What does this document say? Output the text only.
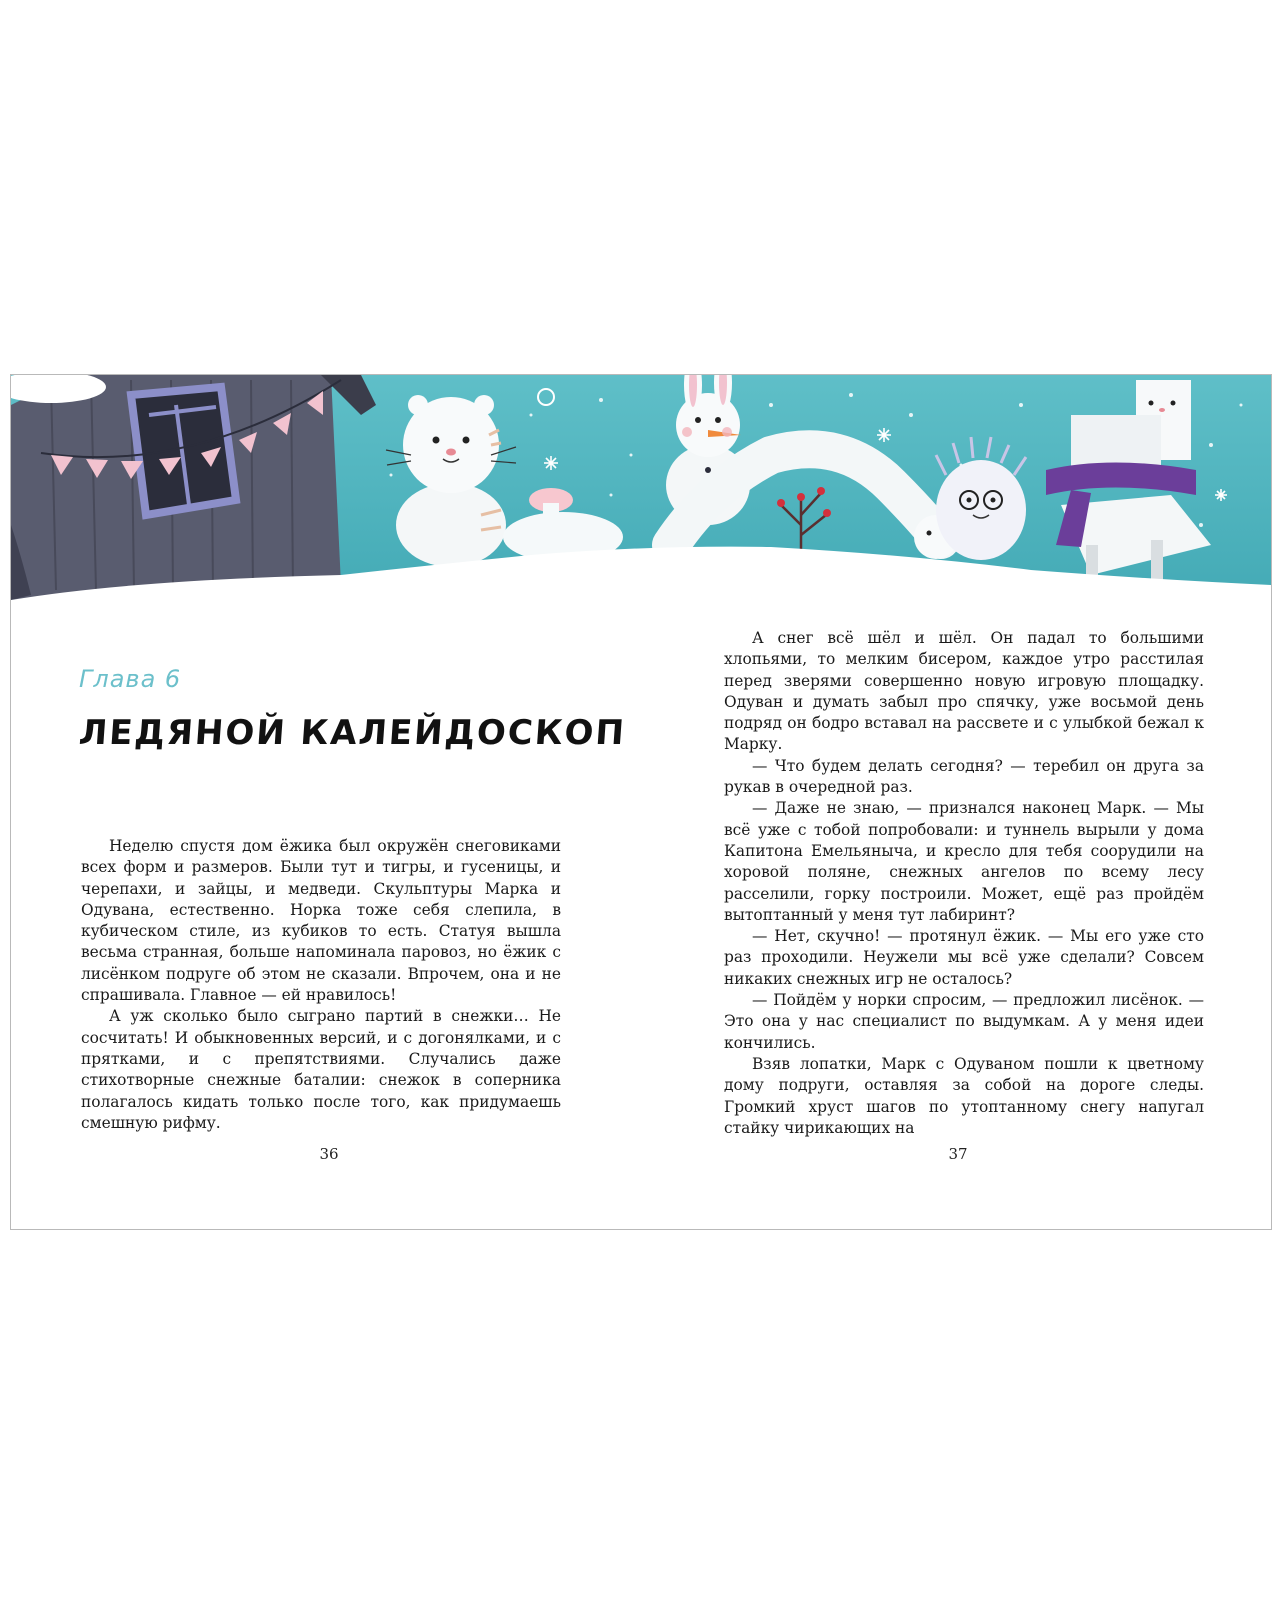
Глава 6
ЛЕДЯНОЙ КАЛЕЙДОСКОП

Неделю спустя дом ёжика был окружён снеговиками всех форм и размеров. Были тут и тигры, и гусеницы, и черепахи, и зайцы, и медведи. Скульптуры Марка и Одувана, естественно. Норка тоже себя слепила, в кубическом стиле, из кубиков то есть. Статуя вышла весьма странная, больше напоминала паровоз, но ёжик с лисёнком подруге об этом не сказали. Впрочем, она и не спрашивала. Главное — ей нравилось!

А уж сколько было сыграно партий в снежки… Не сосчитать! И обыкновенных версий, и с догонялками, и с прятками, и с препятствиями. Случались даже стихотворные снежные баталии: снежок в соперника полагалось кидать только после того, как придумаешь смешную рифму.

А снег всё шёл и шёл. Он падал то большими хлопьями, то мелким бисером, каждое утро расстилая перед зверями совершенно новую игровую площадку. Одуван и думать забыл про спячку, уже восьмой день подряд он бодро вставал на рассвете и с улыбкой бежал к Марку.

— Что будем делать сегодня? — теребил он друга за рукав в очередной раз.

— Даже не знаю, — признался наконец Марк. — Мы всё уже с тобой попробовали: и туннель вырыли у дома Капитона Емельяныча, и кресло для тебя соорудили на хоровой поляне, снежных ангелов по всему лесу расселили, горку построили. Может, ещё раз пройдём вытоптанный у меня тут лабиринт?

— Нет, скучно! — протянул ёжик. — Мы его уже сто раз проходили. Неужели мы всё уже сделали? Совсем никаких снежных игр не осталось?

— Пойдём у норки спросим, — предложил лисёнок. — Это она у нас специалист по выдумкам. А у меня идеи кончились.

Взяв лопатки, Марк с Одуваном пошли к цветному дому подруги, оставляя за собой на дороге следы. Громкий хруст шагов по утоптанному снегу напугал стайку чирикающих на

36	37
